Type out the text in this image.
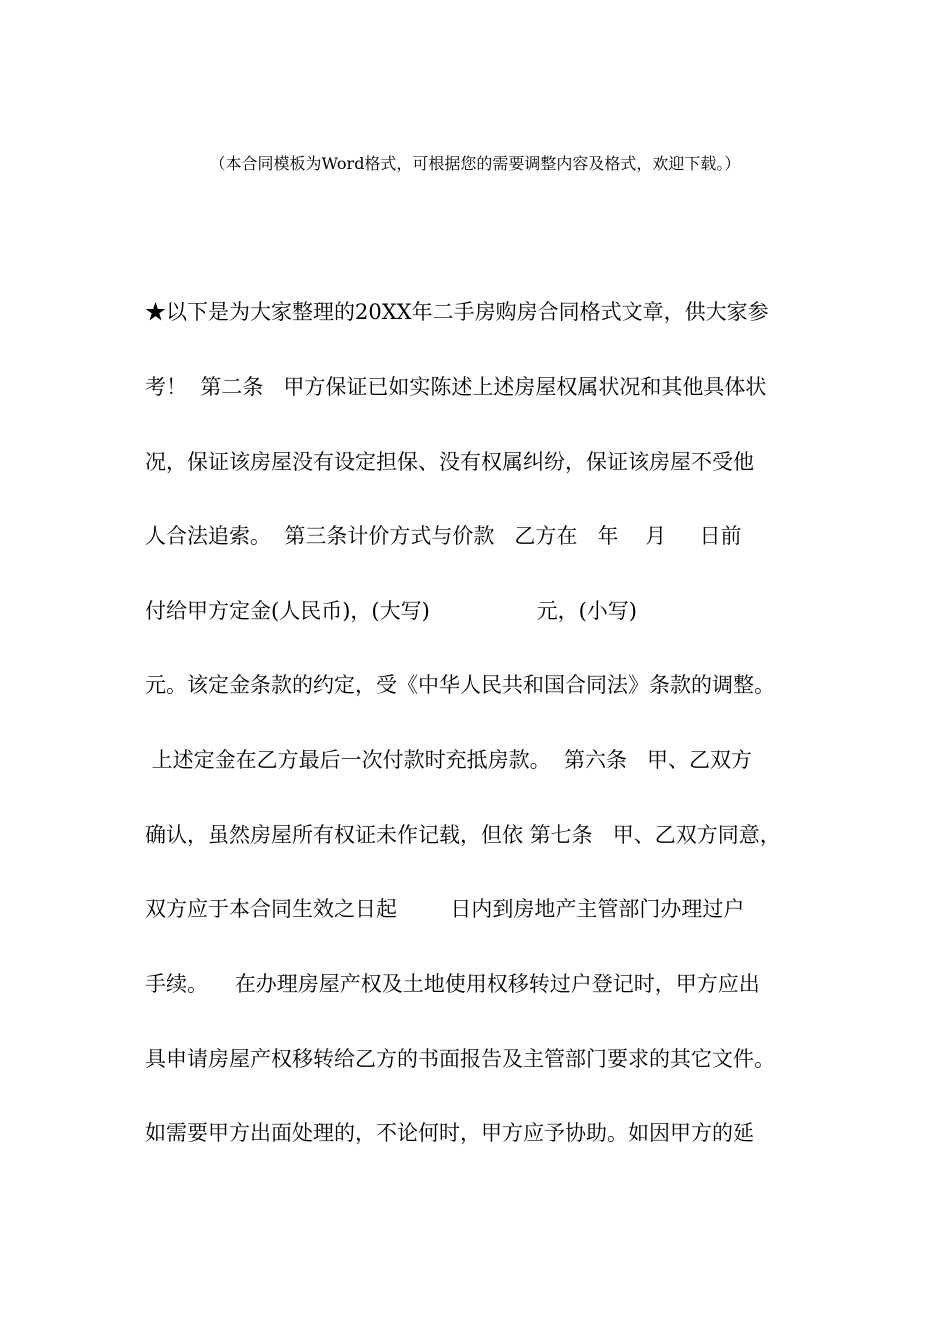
（本合同模板为Word格式，可根据您的需要调整内容及格式，欢迎下载。）
★以下是为大家整理的20XX年二手房购房合同格式文章，供大家参
考！  第二条   甲方保证已如实陈述上述房屋权属状况和其他具体状
况，保证该房屋没有设定担保、没有权属纠纷，保证该房屋不受他
人合法追索。  第三条计价方式与价款   乙方在   年    月     日前
付给甲方定金(人民币)，(大写)                元，(小写)
元。该定金条款的约定，受《中华人民共和国合同法》条款的调整。
上述定金在乙方最后一次付款时充抵房款。  第六条   甲、乙双方
确认，虽然房屋所有权证未作记载，但依 第七条   甲、乙双方同意，
双方应于本合同生效之日起        日内到房地产主管部门办理过户
手续。    在办理房屋产权及土地使用权移转过户登记时，甲方应出
具申请房屋产权移转给乙方的书面报告及主管部门要求的其它文件。
如需要甲方出面处理的，不论何时，甲方应予协助。如因甲方的延
